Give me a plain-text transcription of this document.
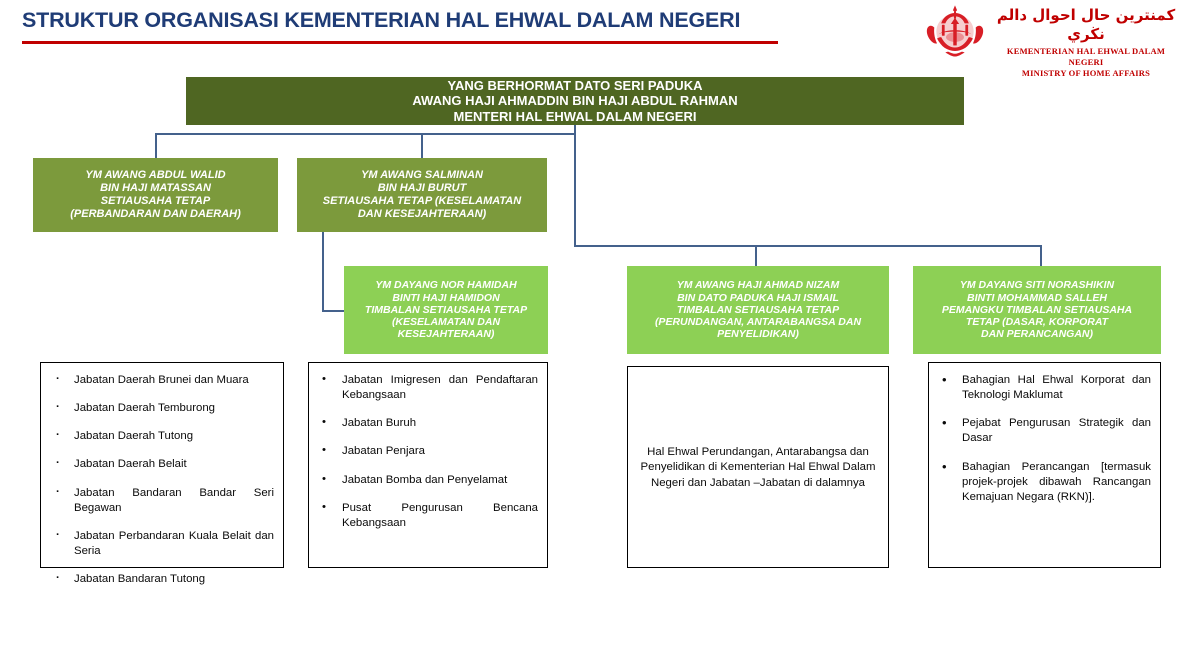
STRUKTUR ORGANISASI KEMENTERIAN HAL EHWAL DALAM NEGERI	كمنترين حال احوال دالم نڬري
KEMENTERIAN HAL EHWAL DALAM NEGERI
MINISTRY OF HOME AFFAIRS
YANG BERHORMAT DATO SERI PADUKA
AWANG HAJI AHMADDIN BIN HAJI ABDUL RAHMAN
MENTERI HAL EHWAL DALAM NEGERI
YM AWANG ABDUL WALID
BIN HAJI MATASSAN
SETIAUSAHA TETAP
(PERBANDARAN DAN DAERAH)
YM AWANG SALMINAN
BIN HAJI BURUT
SETIAUSAHA TETAP (KESELAMATAN
DAN KESEJAHTERAAN)
YM DAYANG NOR HAMIDAH
BINTI HAJI HAMIDON
TIMBALAN SETIAUSAHA TETAP
(KESELAMATAN DAN
KESEJAHTERAAN)
YM AWANG HAJI AHMAD NIZAM
BIN DATO PADUKA HAJI ISMAIL
TIMBALAN SETIAUSAHA TETAP
(PERUNDANGAN, ANTARABANGSA DAN
PENYELIDIKAN)
YM DAYANG SITI NORASHIKIN
BINTI MOHAMMAD SALLEH
PEMANGKU TIMBALAN SETIAUSAHA
TETAP (DASAR, KORPORAT
DAN PERANCANGAN)
· Jabatan Daerah Brunei dan Muara
· Jabatan Daerah Temburong
· Jabatan Daerah Tutong
· Jabatan Daerah Belait
· Jabatan Bandaran Bandar Seri Begawan
· Jabatan Perbandaran Kuala Belait dan Seria
· Jabatan Bandaran Tutong
• Jabatan Imigresen dan Pendaftaran Kebangsaan
• Jabatan Buruh
• Jabatan Penjara
• Jabatan Bomba dan Penyelamat
• Pusat Pengurusan Bencana Kebangsaan
Hal Ehwal Perundangan, Antarabangsa dan Penyelidikan di Kementerian Hal Ehwal Dalam Negeri dan Jabatan –Jabatan di dalamnya
• Bahagian Hal Ehwal Korporat dan Teknologi Maklumat
• Pejabat Pengurusan Strategik dan Dasar
• Bahagian Perancangan [termasuk projek-projek dibawah Rancangan Kemajuan Negara (RKN)].
